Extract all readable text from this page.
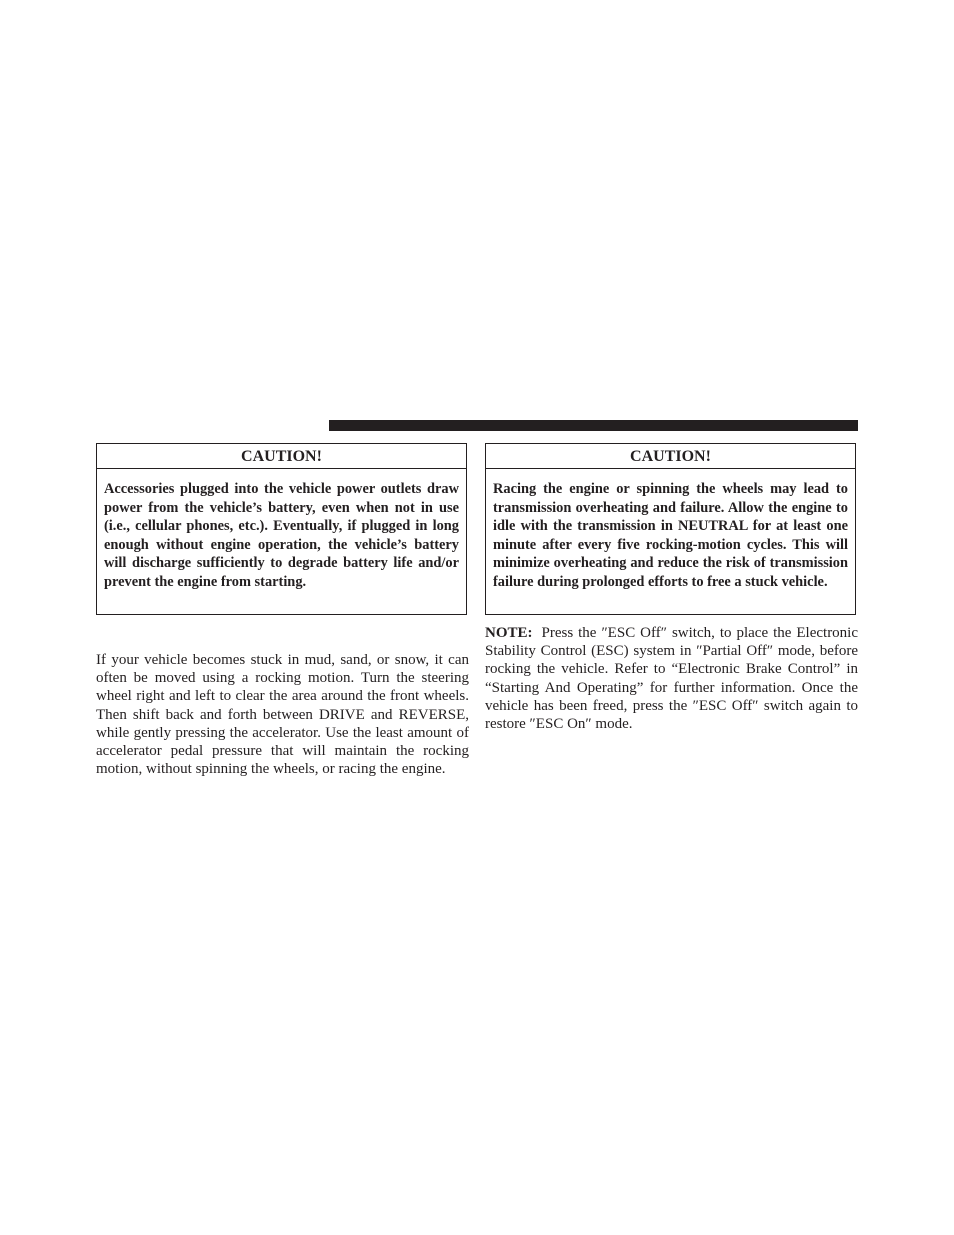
CAUTION!
Accessories plugged into the vehicle power outlets draw power from the vehicle’s battery, even when not in use (i.e., cellular phones, etc.). Eventually, if plugged in long enough without engine operation, the vehicle’s battery will discharge sufficiently to degrade battery life and/or prevent the engine from starting.
CAUTION!
Racing the engine or spinning the wheels may lead to transmission overheating and failure. Allow the engine to idle with the transmission in NEUTRAL for at least one minute after every five rocking-motion cycles. This will minimize overheating and reduce the risk of transmission failure during prolonged efforts to free a stuck vehicle.
If your vehicle becomes stuck in mud, sand, or snow, it can often be moved using a rocking motion. Turn the steering wheel right and left to clear the area around the front wheels. Then shift back and forth between DRIVE and REVERSE, while gently pressing the accelerator. Use the least amount of accelerator pedal pressure that will maintain the rocking motion, without spinning the wheels, or racing the engine.
NOTE: Press the ″ESC Off″ switch, to place the Electronic Stability Control (ESC) system in ″Partial Off″ mode, before rocking the vehicle. Refer to “Electronic Brake Control” in “Starting And Operating” for further information. Once the vehicle has been freed, press the ″ESC Off″ switch again to restore ″ESC On″ mode.
